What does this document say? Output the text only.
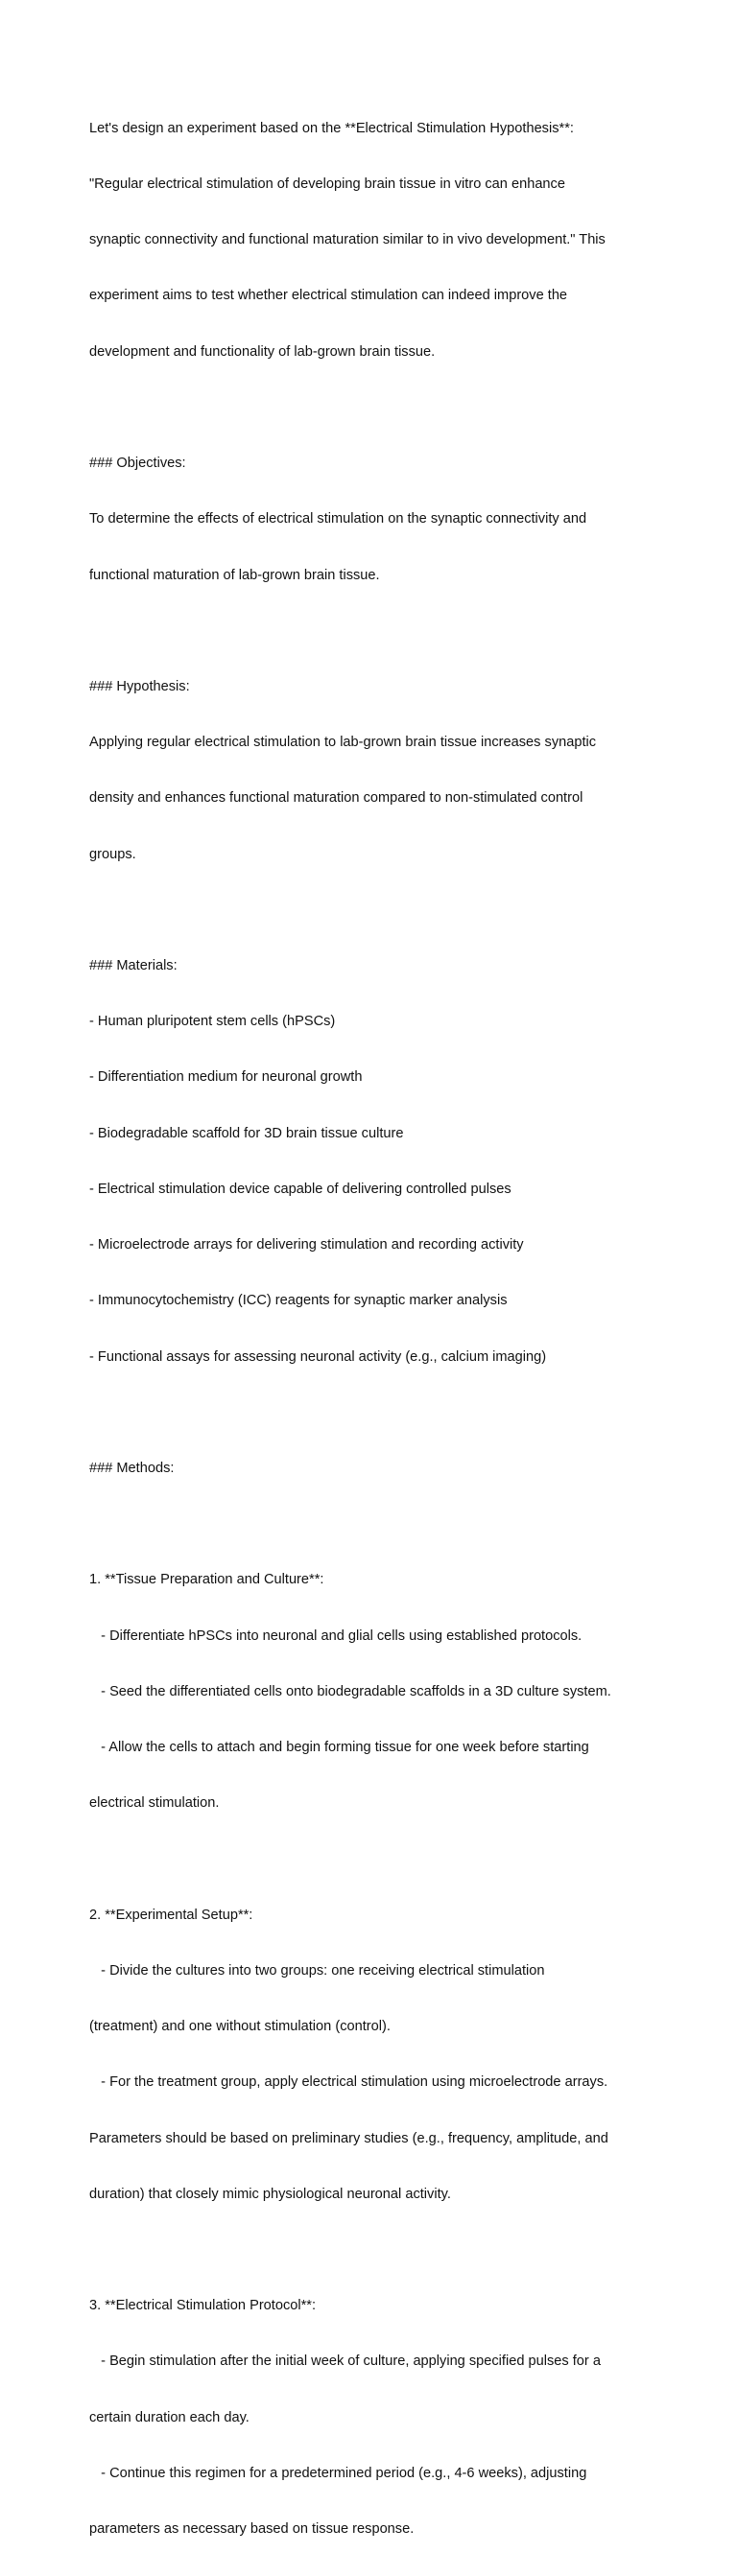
Let's design an experiment based on the **Electrical Stimulation Hypothesis**:

"Regular electrical stimulation of developing brain tissue in vitro can enhance

synaptic connectivity and functional maturation similar to in vivo development." This

experiment aims to test whether electrical stimulation can indeed improve the

development and functionality of lab-grown brain tissue.

### Objectives:

To determine the effects of electrical stimulation on the synaptic connectivity and

functional maturation of lab-grown brain tissue.

### Hypothesis:

Applying regular electrical stimulation to lab-grown brain tissue increases synaptic

density and enhances functional maturation compared to non-stimulated control

groups.

### Materials:

- Human pluripotent stem cells (hPSCs)

- Differentiation medium for neuronal growth

- Biodegradable scaffold for 3D brain tissue culture

- Electrical stimulation device capable of delivering controlled pulses

- Microelectrode arrays for delivering stimulation and recording activity

- Immunocytochemistry (ICC) reagents for synaptic marker analysis

- Functional assays for assessing neuronal activity (e.g., calcium imaging)

### Methods:

1. **Tissue Preparation and Culture**:

- Differentiate hPSCs into neuronal and glial cells using established protocols.

- Seed the differentiated cells onto biodegradable scaffolds in a 3D culture system.

- Allow the cells to attach and begin forming tissue for one week before starting

electrical stimulation.

2. **Experimental Setup**:

- Divide the cultures into two groups: one receiving electrical stimulation

(treatment) and one without stimulation (control).

- For the treatment group, apply electrical stimulation using microelectrode arrays.

Parameters should be based on preliminary studies (e.g., frequency, amplitude, and

duration) that closely mimic physiological neuronal activity.

3. **Electrical Stimulation Protocol**:

- Begin stimulation after the initial week of culture, applying specified pulses for a

certain duration each day.

- Continue this regimen for a predetermined period (e.g., 4-6 weeks), adjusting

parameters as necessary based on tissue response.
